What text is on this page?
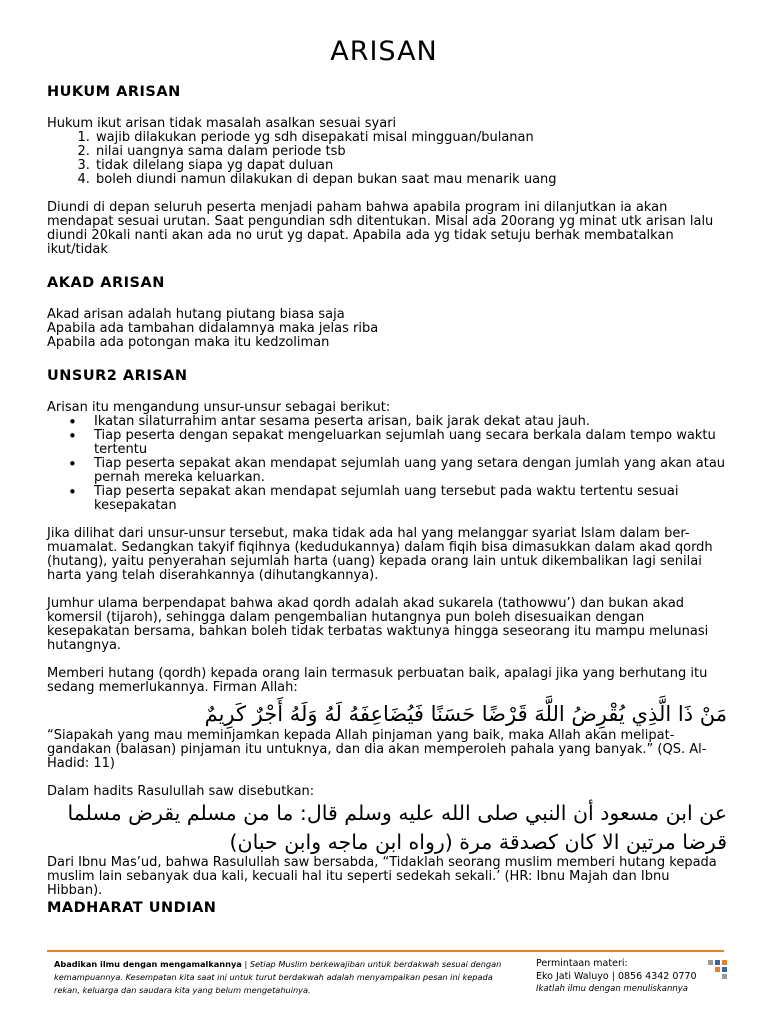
ARISAN
HUKUM ARISAN

Hukum ikut arisan tidak masalah asalkan sesuai syari

1. wajib dilakukan periode yg sdh disepakati misal mingguan/bulanan
2. nilai uangnya sama dalam periode tsb
3. tidak dilelang siapa yg dapat duluan
4. boleh diundi namun dilakukan di depan bukan saat mau menarik uang

Diundi di depan seluruh peserta menjadi paham bahwa apabila program ini dilanjutkan ia akan mendapat sesuai urutan. Saat pengundian sdh ditentukan. Misal ada 20orang yg minat utk arisan lalu diundi 20kali nanti akan ada no urut yg dapat. Apabila ada yg tidak setuju berhak membatalkan ikut/tidak

AKAD ARISAN

Akad arisan adalah hutang piutang biasa saja

Apabila ada tambahan didalamnya maka jelas riba

Apabila ada potongan maka itu kedzoliman

UNSUR2 ARISAN

Arisan itu mengandung unsur-unsur sebagai berikut:

• Ikatan silaturrahim antar sesama peserta arisan, baik jarak dekat atau jauh.
• Tiap peserta dengan sepakat mengeluarkan sejumlah uang secara berkala dalam tempo waktu tertentu
• Tiap peserta sepakat akan mendapat sejumlah uang yang setara dengan jumlah yang akan atau pernah mereka keluarkan.
• Tiap peserta sepakat akan mendapat sejumlah uang tersebut pada waktu tertentu sesuai kesepakatan

Jika dilihat dari unsur-unsur tersebut, maka tidak ada hal yang melanggar syariat Islam dalam ber-muamalat. Sedangkan takyif fiqihnya (kedudukannya) dalam fiqih bisa dimasukkan dalam akad qordh (hutang), yaitu penyerahan sejumlah harta (uang) kepada orang lain untuk dikembalikan lagi senilai harta yang telah diserahkannya (dihutangkannya).

Jumhur ulama berpendapat bahwa akad qordh adalah akad sukarela (tathowwu’) dan bukan akad komersil (tijaroh), sehingga dalam pengembalian hutangnya pun boleh disesuaikan dengan kesepakatan bersama, bahkan boleh tidak terbatas waktunya hingga seseorang itu mampu melunasi hutangnya.

Memberi hutang (qordh) kepada orang lain termasuk perbuatan baik, apalagi jika yang berhutang itu sedang memerlukannya. Firman Allah:

مَنْ ذَا الَّذِي يُقْرِضُ اللَّهَ قَرْضًا حَسَنًا فَيُضَاعِفَهُ لَهُ وَلَهُ أَجْرٌ كَرِيمٌ

“Siapakah yang mau meminjamkan kepada Allah pinjaman yang baik, maka Allah akan melipat-gandakan (balasan) pinjaman itu untuknya, dan dia akan memperoleh pahala yang banyak.” (QS. Al-Hadid: 11)

Dalam hadits Rasulullah saw disebutkan:

عن ابن مسعود أن النبي صلى الله عليه وسلم قال: ما من مسلم يقرض مسلما قرضا مرتين الا كان كصدقة مرة (رواه ابن ماجه وابن حبان)

Dari Ibnu Mas’ud, bahwa Rasulullah saw bersabda, “Tidaklah seorang muslim memberi hutang kepada muslim lain sebanyak dua kali, kecuali hal itu seperti sedekah sekali.’ (HR: Ibnu Majah dan Ibnu Hibban).

MADHARAT UNDIAN
Abadikan ilmu dengan mengamalkannya | Setiap Muslim berkewajiban untuk berdakwah sesuai dengan kemampuannya. Kesempatan kita saat ini untuk turut berdakwah adalah menyampaikan pesan ini kepada rekan, keluarga dan saudara kita yang belum mengetahuinya.
Permintaan materi:
Eko Jati Waluyo | 0856 4342 0770
Ikatlah ilmu dengan menuliskannya
